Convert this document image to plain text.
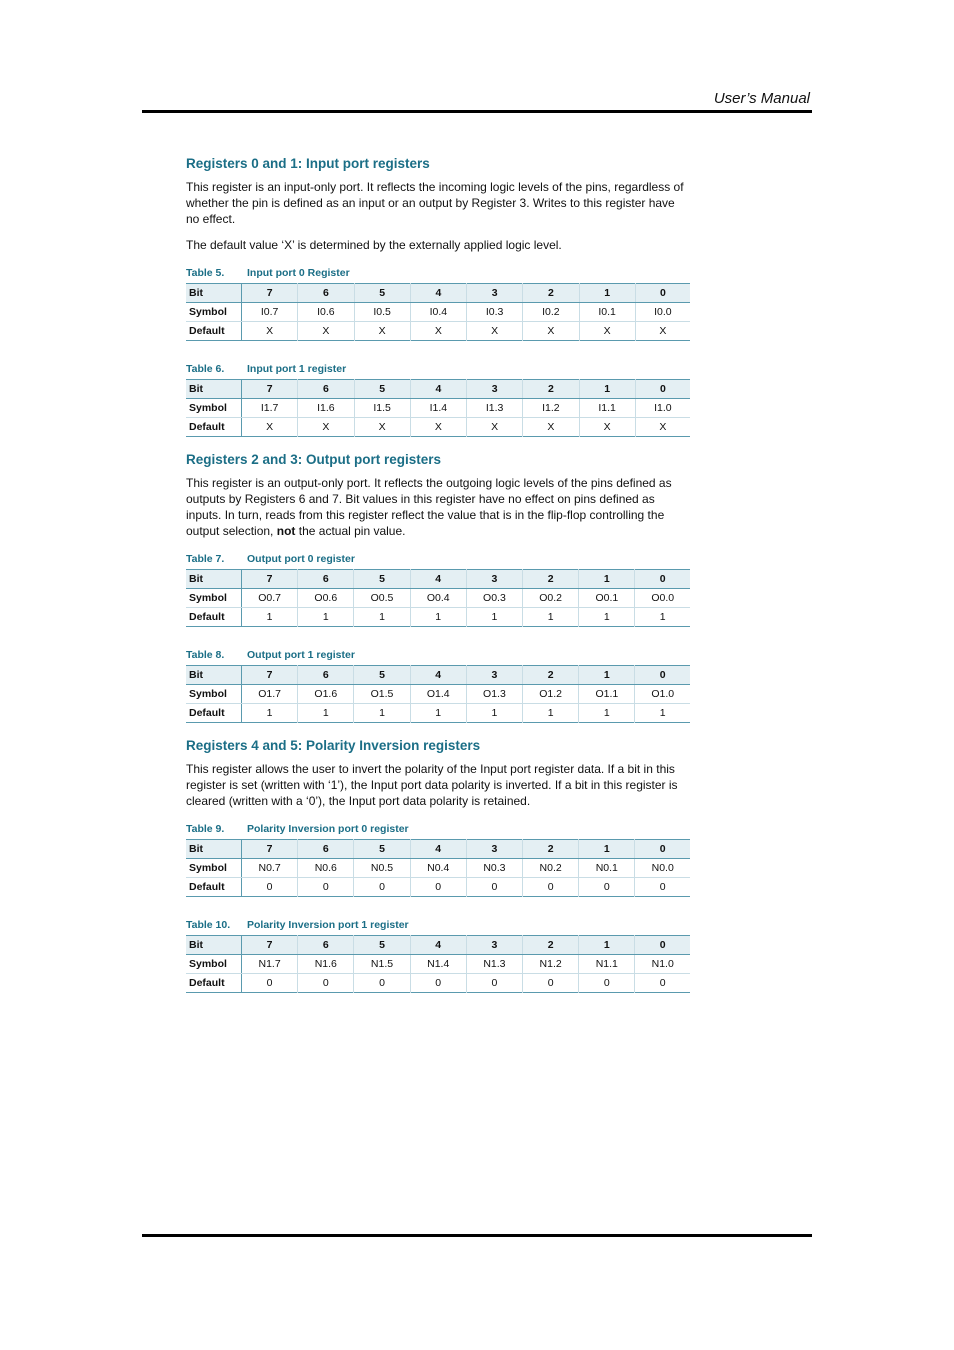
User’s Manual
Registers 0 and 1: Input port registers

This register is an input-only port. It reflects the incoming logic levels of the pins, regardless of whether the pin is defined as an input or an output by Register 3. Writes to this register have no effect.

The default value ‘X’ is determined by the externally applied logic level.

Table 5. Input port 0 Register
Bit	7	6	5	4	3	2	1	0
Symbol	I0.7	I0.6	I0.5	I0.4	I0.3	I0.2	I0.1	I0.0
Default	X	X	X	X	X	X	X	X
Table 6. Input port 1 register
Bit	7	6	5	4	3	2	1	0
Symbol	I1.7	I1.6	I1.5	I1.4	I1.3	I1.2	I1.1	I1.0
Default	X	X	X	X	X	X	X	X
Registers 2 and 3: Output port registers

This register is an output-only port. It reflects the outgoing logic levels of the pins defined as outputs by Registers 6 and 7. Bit values in this register have no effect on pins defined as inputs. In turn, reads from this register reflect the value that is in the flip-flop controlling the output selection, not the actual pin value.

Table 7. Output port 0 register
Bit	7	6	5	4	3	2	1	0
Symbol	O0.7	O0.6	O0.5	O0.4	O0.3	O0.2	O0.1	O0.0
Default	1	1	1	1	1	1	1	1
Table 8. Output port 1 register
Bit	7	6	5	4	3	2	1	0
Symbol	O1.7	O1.6	O1.5	O1.4	O1.3	O1.2	O1.1	O1.0
Default	1	1	1	1	1	1	1	1
Registers 4 and 5: Polarity Inversion registers

This register allows the user to invert the polarity of the Input port register data. If a bit in this register is set (written with ‘1’), the Input port data polarity is inverted. If a bit in this register is cleared (written with a ‘0’), the Input port data polarity is retained.

Table 9. Polarity Inversion port 0 register
Bit	7	6	5	4	3	2	1	0
Symbol	N0.7	N0.6	N0.5	N0.4	N0.3	N0.2	N0.1	N0.0
Default	0	0	0	0	0	0	0	0
Table 10. Polarity Inversion port 1 register
Bit	7	6	5	4	3	2	1	0
Symbol	N1.7	N1.6	N1.5	N1.4	N1.3	N1.2	N1.1	N1.0
Default	0	0	0	0	0	0	0	0
